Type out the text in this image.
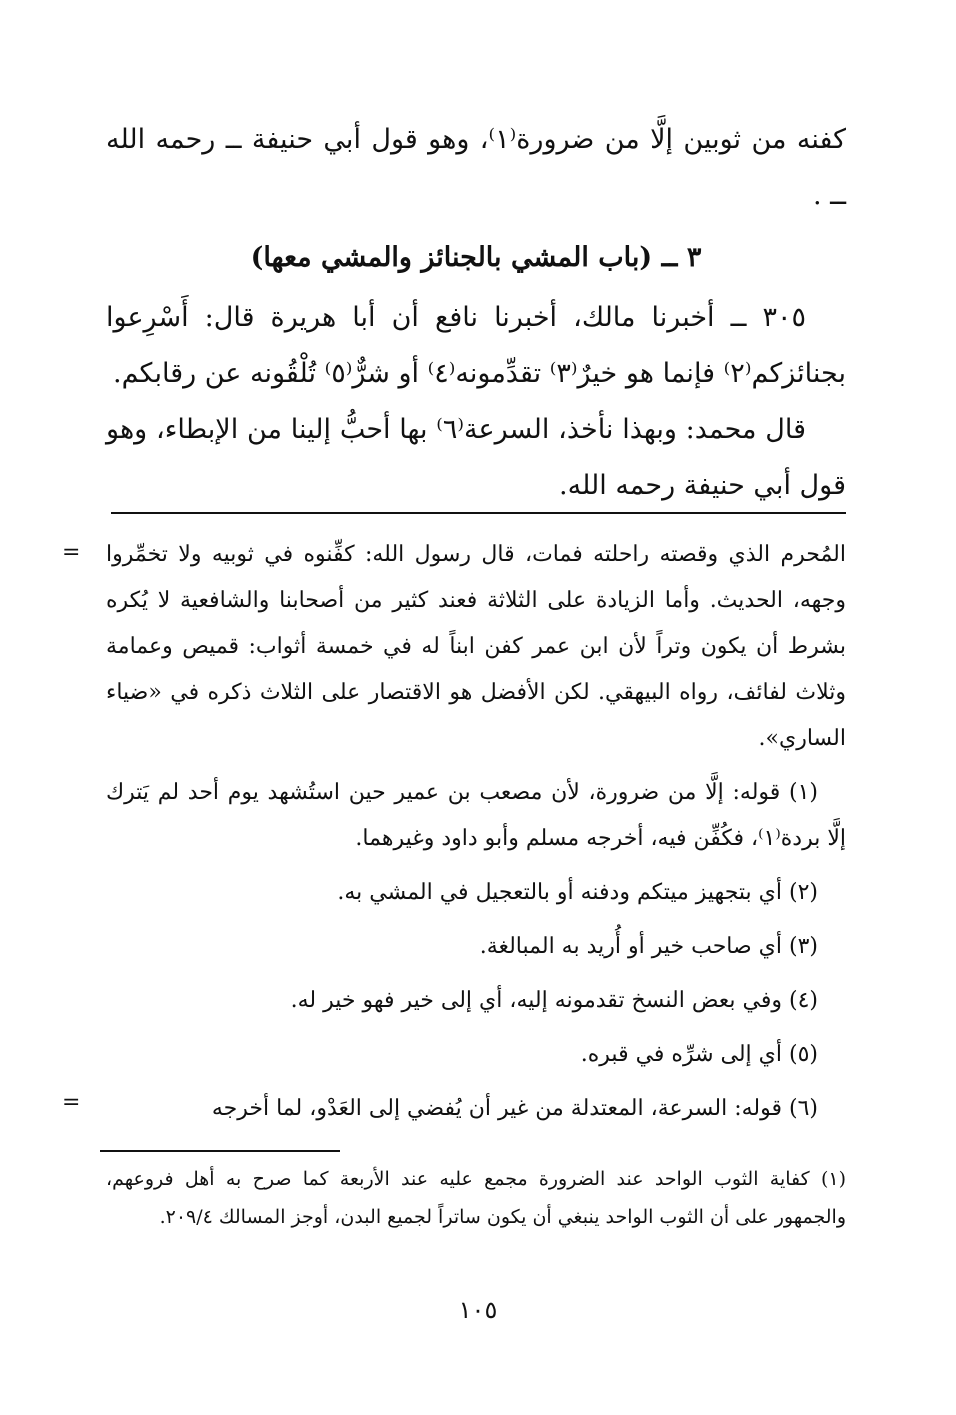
كفنه من ثوبين إلَّا من ضرورة⁽١⁾، وهو قول أبي حنيفة ــ رحمه الله ــ .

٣ ــ (باب المشي بالجنائز والمشي معها)

٣٠٥ ــ أخبرنا مالك، أخبرنا نافع أن أبا هريرة قال: أَسْرِعوا بجنائزكم⁽٢⁾ فإنما هو خيرٌ⁽٣⁾ تقدِّمونه⁽٤⁾ أو شرٌّ⁽٥⁾ تُلْقُونه عن رقابكم.

قال محمد: وبهذا نأخذ، السرعة⁽٦⁾ بها أحبُّ إلينا من الإبطاء، وهو قول أبي حنيفة رحمه الله.

= المُحرم الذي وقصته راحلته فمات، قال رسول الله: كفِّنوه في ثوبيه ولا تخمِّروا وجهه، الحديث. وأما الزيادة على الثلاثة فعند كثير من أصحابنا والشافعية لا يُكره بشرط أن يكون وتراً لأن ابن عمر كفن ابناً له في خمسة أثواب: قميص وعمامة وثلاث لفائف، رواه البيهقي. لكن الأفضل هو الاقتصار على الثلاث ذكره في «ضياء الساري».

(١) قوله: إلَّا من ضرورة، لأن مصعب بن عمير حين استُشهد يوم أحد لم يَترك إلَّا بردة⁽١⁾، فكُفِّن فيه، أخرجه مسلم وأبو داود وغيرهما.

(٢) أي بتجهيز ميتكم ودفنه أو بالتعجيل في المشي به.

(٣) أي صاحب خير أو أُريد به المبالغة.

(٤) وفي بعض النسخ تقدمونه إليه، أي إلى خير فهو خير له.

(٥) أي إلى شرِّه في قبره.

(٦) قوله: السرعة، المعتدلة من غير أن يُفضي إلى العَدْو، لما أخرجه

=

(١) كفاية الثوب الواحد عند الضرورة مجمع عليه عند الأربعة كما صرح به أهل فروعهم، والجمهور على أن الثوب الواحد ينبغي أن يكون ساتراً لجميع البدن، أوجز المسالك ٢٠٩/٤.

١٠٥
